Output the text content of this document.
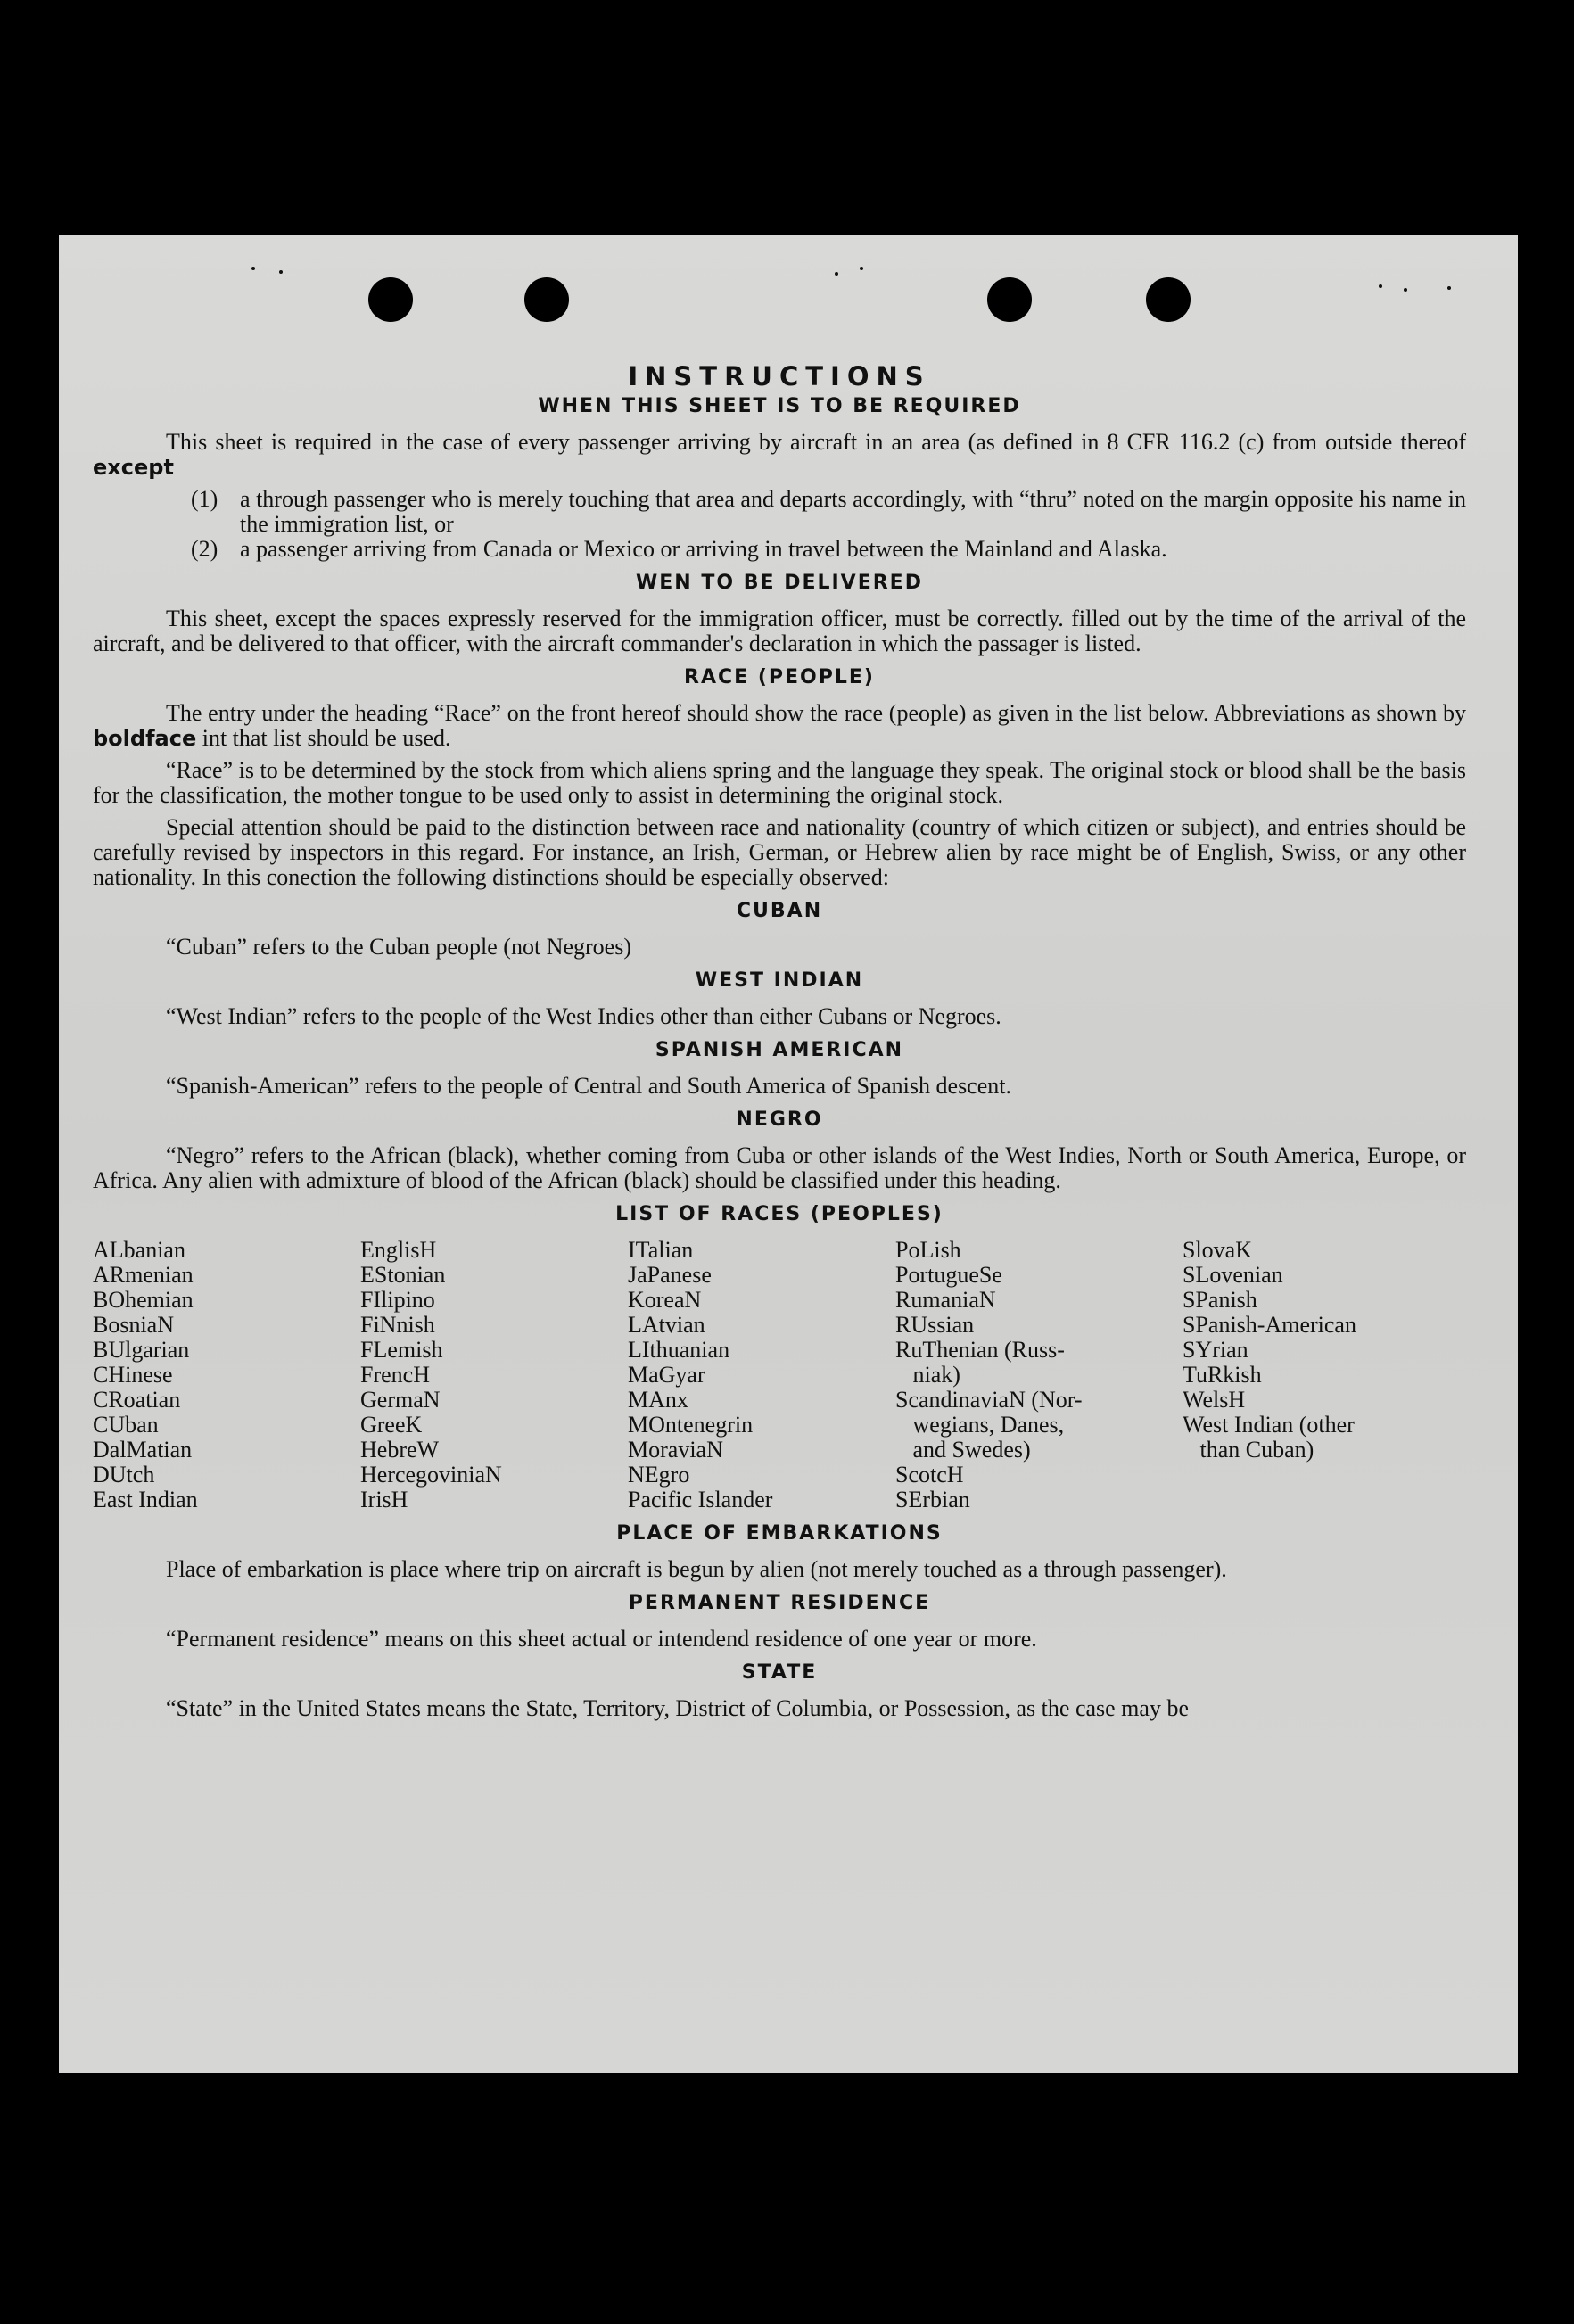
INSTRUCTIONS
WHEN THIS SHEET IS TO BE REQUIRED

This sheet is required in the case of every passenger arriving by aircraft in an area (as defined in 8 CFR 116.2 (c) from outside thereof except

(1) a through passenger who is merely touching that area and departs accordingly, with “thru” noted on the margin opposite his name in the immigration list, or
(2) a passenger arriving from Canada or Mexico or arriving in travel between the Mainland and Alaska.
WEN TO BE DELIVERED

This sheet, except the spaces expressly reserved for the immigration officer, must be correctly. filled out by the time of the arrival of the aircraft, and be delivered to that officer, with the aircraft commander's declaration in which the passager is listed.

RACE (PEOPLE)

The entry under the heading “Race” on the front hereof should show the race (people) as given in the list below. Abbreviations as shown by boldface int that list should be used.

“Race” is to be determined by the stock from which aliens spring and the language they speak. The original stock or blood shall be the basis for the classification, the mother tongue to be used only to assist in determining the original stock.

Special attention should be paid to the distinction between race and nationality (country of which citizen or subject), and entries should be carefully revised by inspectors in this regard. For instance, an Irish, German, or Hebrew alien by race might be of English, Swiss, or any other nationality. In this conection the following distinctions should be especially observed:

CUBAN

“Cuban” refers to the Cuban people (not Negroes)

WEST INDIAN

“West Indian” refers to the people of the West Indies other than either Cubans or Negroes.

SPANISH AMERICAN

“Spanish-American” refers to the people of Central and South America of Spanish descent.

NEGRO

“Negro” refers to the African (black), whether coming from Cuba or other islands of the West Indies, North or South America, Europe, or Africa. Any alien with admixture of blood of the African (black) should be classified under this heading.

LIST OF RACES (PEOPLES)
ALbanian
ARmenian
BOhemian
BosniaN
BUlgarian
CHinese
CRoatian
CUban
DalMatian
DUtch
East Indian
EnglisH
EStonian
FIlipino
FiNnish
FLemish
FrencH
GermaN
GreeK
HebreW
HercegoviniaN
IrisH
ITalian
JaPanese
KoreaN
LAtvian
LIthuanian
MaGyar
MAnx
MOntenegrin
MoraviaN
NEgro
Pacific Islander
PoLish
PortugueSe
RumaniaN
RUssian
RuThenian (Russ-
niak)
ScandinaviaN (Nor-
wegians, Danes,
and Swedes)
ScotcH
SErbian
SlovaK
SLovenian
SPanish
SPanish-American
SYrian
TuRkish
WelsH
West Indian (other
than Cuban)
PLACE OF EMBARKATIONS

Place of embarkation is place where trip on aircraft is begun by alien (not merely touched as a through passenger).

PERMANENT RESIDENCE

“Permanent residence” means on this sheet actual or intendend residence of one year or more.

STATE

“State” in the United States means the State, Territory, District of Columbia, or Possession, as the case may be
